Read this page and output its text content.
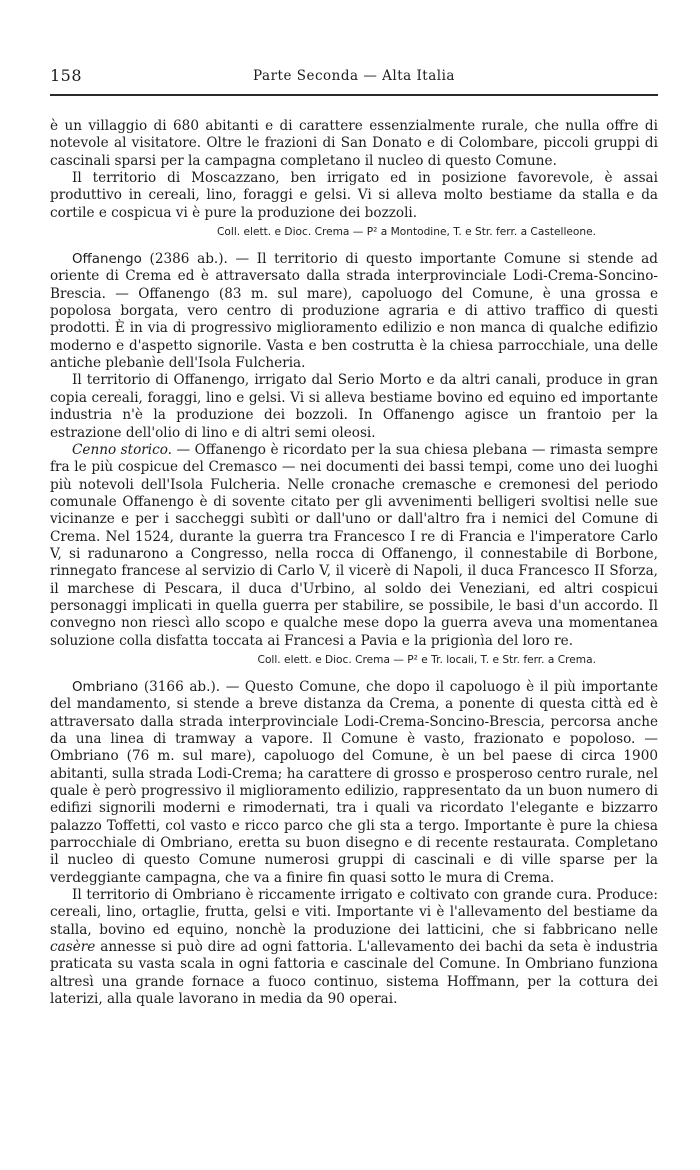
158	Parte Seconda — Alta Italia

è un villaggio di 680 abitanti e di carattere essenzialmente rurale, che nulla offre di notevole al visitatore. Oltre le frazioni di San Donato e di Colombare, piccoli gruppi di cascinali sparsi per la campagna completano il nucleo di questo Comune.

Il territorio di Moscazzano, ben irrigato ed in posizione favorevole, è assai produttivo in cereali, lino, foraggi e gelsi. Vi si alleva molto bestiame da stalla e da cortile e cospicua vi è pure la produzione dei bozzoli.

Coll. elett. e Dioc. Crema — P² a Montodine, T. e Str. ferr. a Castelleone.

Offanengo (2386 ab.). — Il territorio di questo importante Comune si stende ad oriente di Crema ed è attraversato dalla strada interprovinciale Lodi-Crema-Soncino-Brescia. — Offanengo (83 m. sul mare), capoluogo del Comune, è una grossa e popolosa borgata, vero centro di produzione agraria e di attivo traffico di questi prodotti. È in via di progressivo miglioramento edilizio e non manca di qualche edifizio moderno e d'aspetto signorile. Vasta e ben costrutta è la chiesa parrocchiale, una delle antiche plebanìe dell'Isola Fulcheria.

Il territorio di Offanengo, irrigato dal Serio Morto e da altri canali, produce in gran copia cereali, foraggi, lino e gelsi. Vi si alleva bestiame bovino ed equino ed importante industria n'è la produzione dei bozzoli. In Offanengo agisce un frantoio per la estrazione dell'olio di lino e di altri semi oleosi.

Cenno storico. — Offanengo è ricordato per la sua chiesa plebana — rimasta sempre fra le più cospicue del Cremasco — nei documenti dei bassi tempi, come uno dei luoghi più notevoli dell'Isola Fulcheria. Nelle cronache cremasche e cremonesi del periodo comunale Offanengo è di sovente citato per gli avvenimenti belligeri svoltisi nelle sue vicinanze e per i saccheggi subìti or dall'uno or dall'altro fra i nemici del Comune di Crema. Nel 1524, durante la guerra tra Francesco I re di Francia e l'imperatore Carlo V, si radunarono a Congresso, nella rocca di Offanengo, il connestabile di Borbone, rinnegato francese al servizio di Carlo V, il vicerè di Napoli, il duca Francesco II Sforza, il marchese di Pescara, il duca d'Urbino, al soldo dei Veneziani, ed altri cospicui personaggi implicati in quella guerra per stabilire, se possibile, le basi d'un accordo. Il convegno non riescì allo scopo e qualche mese dopo la guerra aveva una momentanea soluzione colla disfatta toccata ai Francesi a Pavia e la prigionìa del loro re.

Coll. elett. e Dioc. Crema — P² e Tr. locali, T. e Str. ferr. a Crema.

Ombriano (3166 ab.). — Questo Comune, che dopo il capoluogo è il più importante del mandamento, si stende a breve distanza da Crema, a ponente di questa città ed è attraversato dalla strada interprovinciale Lodi-Crema-Soncino-Brescia, percorsa anche da una linea di tramway a vapore. Il Comune è vasto, frazionato e popoloso. — Ombriano (76 m. sul mare), capoluogo del Comune, è un bel paese di circa 1900 abitanti, sulla strada Lodi-Crema; ha carattere di grosso e prosperoso centro rurale, nel quale è però progressivo il miglioramento edilizio, rappresentato da un buon numero di edifizi signorili moderni e rimodernati, tra i quali va ricordato l'elegante e bizzarro palazzo Toffetti, col vasto e ricco parco che gli sta a tergo. Importante è pure la chiesa parrocchiale di Ombriano, eretta su buon disegno e di recente restaurata. Completano il nucleo di questo Comune numerosi gruppi di cascinali e di ville sparse per la verdeggiante campagna, che va a finire fin quasi sotto le mura di Crema.

Il territorio di Ombriano è riccamente irrigato e coltivato con grande cura. Produce: cereali, lino, ortaglie, frutta, gelsi e viti. Importante vi è l'allevamento del bestiame da stalla, bovino ed equino, nonchè la produzione dei latticini, che si fabbricano nelle casère annesse si può dire ad ogni fattoria. L'allevamento dei bachi da seta è industria praticata su vasta scala in ogni fattoria e cascinale del Comune. In Ombriano funziona altresì una grande fornace a fuoco continuo, sistema Hoffmann, per la cottura dei laterizi, alla quale lavorano in media da 90 operai.
